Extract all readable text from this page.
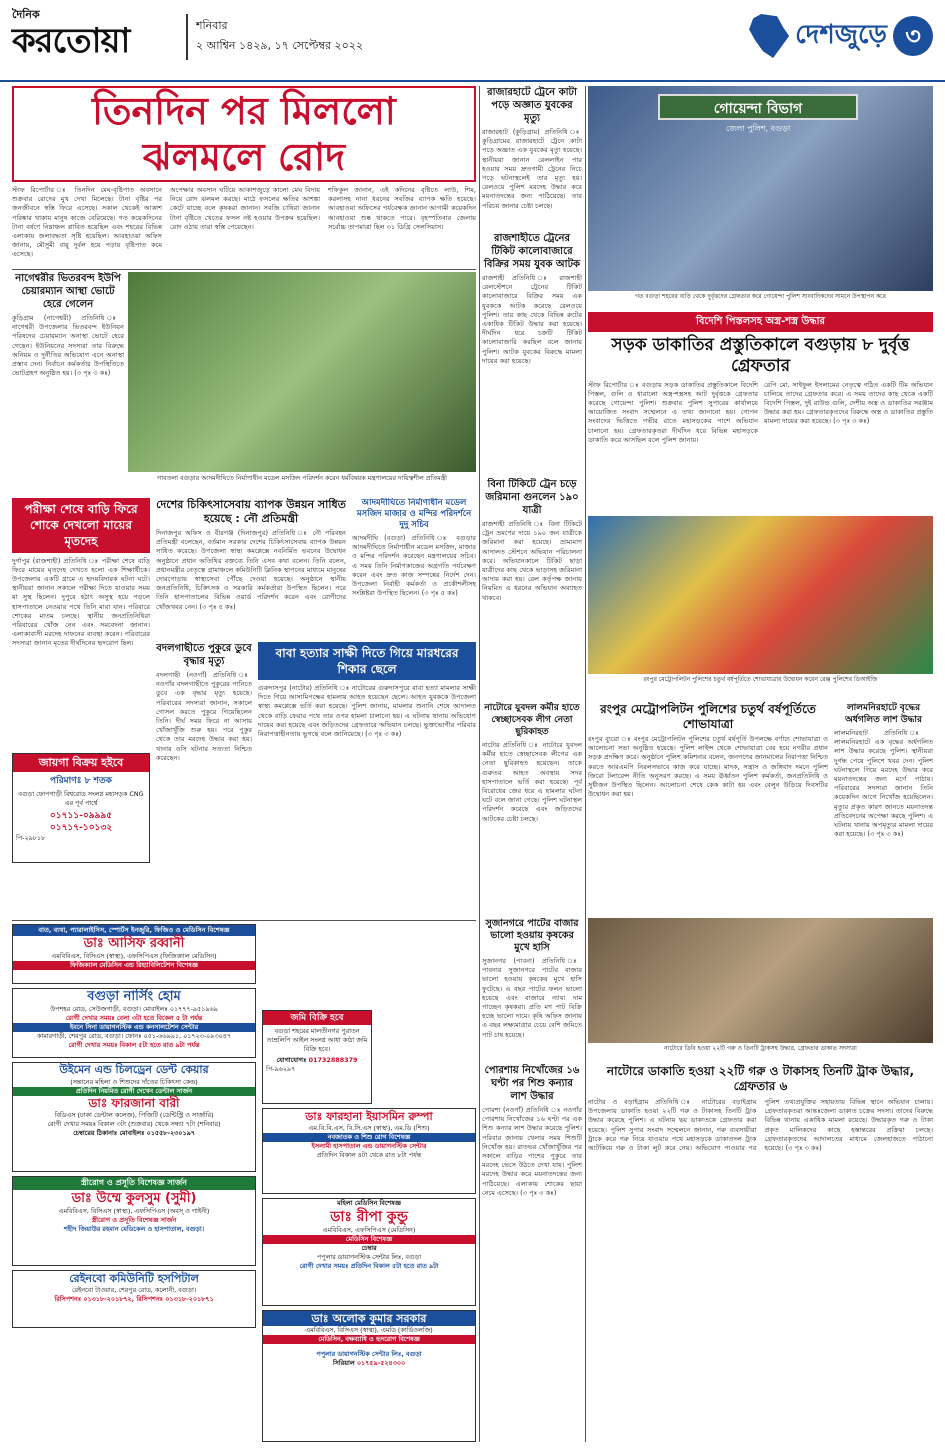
দৈনিক
করতোয়া	শনিবার
২ আশ্বিন ১৪২৯, ১৭ সেপ্টেম্বর ২০২২	দেশজুড়ে ৩
তিনদিন পর মিললো
ঝলমলে রোদ
স্টাফ রিপোর্টার ঃ তিনদিন মেঘ-বৃষ্টিপাত অবসানে শুক্রবার রোদের মুখ দেখা মিলেছে। টানা বৃষ্টির পর জনজীবনে স্বস্তি ফিরে এসেছে। সকাল থেকেই আকাশ পরিষ্কার থাকায় মানুষ কাজে বেরিয়েছে। গত কয়েকদিনের টানা বর্ষণে নিম্নাঞ্চল প্লাবিত হয়েছিল এবং শহরের বিভিন্ন এলাকায় জলাবদ্ধতা সৃষ্টি হয়েছিল। আবহাওয়া অফিস জানায়, মৌসুমী বায়ু দুর্বল হয়ে পড়ায় বৃষ্টিপাত কমে এসেছে।
অপেক্ষার অবসান ঘটিয়ে আকাশজুড়ে কালো মেঘ বিদায় নিয়ে রোদ ঝলমল করছে। মাঠে ফসলের ক্ষতির আশঙ্কা কেটে যাচ্ছে বলে কৃষকরা জানান। সবজি চাষিরা জানান টানা বৃষ্টিতে খেতের ফসল নষ্ট হওয়ার উপক্রম হয়েছিল। রোদ ওঠায় তারা স্বস্তি পেয়েছেন।
শফিকুল জানান, এই কদিনের বৃষ্টিতে লাউ, শিম, করলাসহ নানা ধরনের সবজির ব্যাপক ক্ষতি হয়েছে। আবহাওয়া অফিসের পর্যবেক্ষক জানান আগামী কয়েকদিন আবহাওয়া শুষ্ক থাকতে পারে। বৃহস্পতিবার জেলায় সর্বোচ্চ তাপমাত্রা ছিল ৩১ ডিগ্রি সেলসিয়াস।
নাগেশ্বরীর ভিতরবন্দ ইউপি চেয়ারম্যান আস্থা ভোটে হেরে গেলেন
কুড়িগ্রাম (নাগেশ্বরী) প্রতিনিধি ঃ নাগেশ্বরী উপজেলার ভিতরবন্দ ইউনিয়ন পরিষদের চেয়ারম্যান অনাস্থা ভোটে হেরে গেছেন। ইউনিয়নের সদস্যরা তার বিরুদ্ধে অনিয়ম ও দুর্নীতির অভিযোগ এনে অনাস্থা প্রস্তাব দেন। নির্বাচন কর্মকর্তার উপস্থিতিতে ভোটগ্রহণ অনুষ্ঠিত হয়। (৩ পৃঃ ৩ কঃ)
গাবতলা বগুড়ার আদমদীঘিতে নির্মাণাধীন মডেল মসজিদ পরিদর্শন করেন ধর্মবিষয়ক মন্ত্রণালয়ের দায়িত্বশীল প্রতিমন্ত্রী
পরীক্ষা শেষে বাড়ি ফিরে শোকে দেখলো মায়ের মৃতদেহ
দুর্গাপুর (রাজশাহী) প্রতিনিধি ঃ পরীক্ষা শেষে বাড়ি ফিরে মায়ের মৃতদেহ দেখতে হলো এক শিক্ষার্থীকে। উপজেলার একটি গ্রামে এ হৃদয়বিদারক ঘটনা ঘটে। স্থানীয়রা জানান সকালে পরীক্ষা দিতে যাওয়ার সময় মা সুস্থ ছিলেন। দুপুরে হঠাৎ অসুস্থ হয়ে পড়লে হাসপাতালে নেওয়ার পথে তিনি মারা যান। পরিবারে শোকের মাতম চলছে। স্থানীয় জনপ্রতিনিধিরা পরিবারের খোঁজ নেন এবং সমবেদনা জানান। এলাকাবাসী মরদেহ দাফনের ব্যবস্থা করেন। পরিবারের সদস্যরা জানান মৃতের দীর্ঘদিনের হৃদরোগ ছিল।
জায়গা বিক্রয় হইবে
পরিমাণঃ ৮ শতক
বগুড়া ফোপগাড়ী বিশ্বরোড সংলগ্ন মহাসড়ক CNG এর পূর্ব পার্শ্বে
০১৭১১-০৯৯৯৫
০১৭১৭-১০১৩২
পি-২৯৮১৮
দেশের চিকিৎসাসেবায় ব্যাপক উন্নয়ন সাধিত হয়েছে : নৌ প্রতিমন্ত্রী
দিনাজপুর অফিস ও বীরগঞ্জ (দিনাজপুর) প্রতিনিধি ঃ নৌ পরিবহন প্রতিমন্ত্রী বলেছেন, বর্তমান সরকার দেশের চিকিৎসাসেবায় ব্যাপক উন্নয়ন সাধিত করেছে। উপজেলা স্বাস্থ্য কমপ্লেক্সে নবনির্মিত ভবনের উদ্বোধন অনুষ্ঠানে প্রধান অতিথির বক্তব্যে তিনি এসব কথা বলেন। তিনি বলেন, প্রধানমন্ত্রীর নেতৃত্বে গ্রামাঞ্চলে কমিউনিটি ক্লিনিক স্থাপনের মাধ্যমে মানুষের দোরগোড়ায় স্বাস্থ্যসেবা পৌঁছে দেওয়া হয়েছে। অনুষ্ঠানে স্থানীয় জনপ্রতিনিধি, চিকিৎসক ও সরকারি কর্মকর্তারা উপস্থিত ছিলেন। পরে তিনি হাসপাতালের বিভিন্ন ওয়ার্ড পরিদর্শন করেন এবং রোগীদের খোঁজখবর নেন। (৩ পৃঃ ৫ কঃ)
আদমদীঘিতে নির্মাণাধীন মডেল মসজিদ মাজার ও মন্দির পরিদর্শনে দুদু সচিব
আদমদীঘি (বগুড়া) প্রতিনিধি ঃ বগুড়ার আদমদীঘিতে নির্মাণাধীন মডেল মসজিদ, মাজার ও মন্দির পরিদর্শন করেছেন মন্ত্রণালয়ের সচিব। এ সময় তিনি নির্মাণকাজের অগ্রগতি পর্যবেক্ষণ করেন এবং দ্রুত কাজ সম্পন্নের নির্দেশ দেন। উপজেলা নির্বাহী কর্মকর্তা ও প্রকৌশলীসহ সংশ্লিষ্টরা উপস্থিত ছিলেন। (৩ পৃঃ ৫ কঃ)
বদলগাছীতে পুকুরে ডুবে বৃদ্ধার মৃত্যু
বদলগাছী (নওগাঁ) প্রতিনিধি ঃ নওগাঁর বদলগাছীতে পুকুরের পানিতে ডুবে এক বৃদ্ধার মৃত্যু হয়েছে। পরিবারের সদস্যরা জানান, সকালে গোসল করতে পুকুরে গিয়েছিলেন তিনি। দীর্ঘ সময় ফিরে না আসায় খোঁজাখুঁজি শুরু হয়। পরে পুকুর থেকে তার মরদেহ উদ্ধার করা হয়। থানার ওসি ঘটনার সত্যতা নিশ্চিত করেছেন।
বাবা হত্যার সাক্ষী দিতে গিয়ে মারধরের শিকার ছেলে
গুরুদাসপুর (নাটোর) প্রতিনিধি ঃ নাটোরের গুরুদাসপুরে বাবা হত্যা মামলার সাক্ষী দিতে গিয়ে আসামিপক্ষের হামলায় আহত হয়েছেন ছেলে। আহত যুবককে উপজেলা স্বাস্থ্য কমপ্লেক্সে ভর্তি করা হয়েছে। পুলিশ জানায়, মামলার শুনানি শেষে আদালত থেকে বাড়ি ফেরার পথে তার ওপর হামলা চালানো হয়। এ ঘটনায় থানায় অভিযোগ দায়ের করা হয়েছে এবং জড়িতদের গ্রেফতারে অভিযান চলছে। ভুক্তভোগীর পরিবার নিরাপত্তাহীনতায় ভুগছে বলে জানিয়েছে। (৩ পৃঃ ৩ কঃ)
রাজারহাটে ট্রেনে কাটা পড়ে অজ্ঞাত যুবকের মৃত্যু
রাজারহাট (কুড়িগ্রাম) প্রতিনিধি ঃ কুড়িগ্রামের রাজারহাটে ট্রেনে কাটা পড়ে অজ্ঞাত এক যুবকের মৃত্যু হয়েছে। স্থানীয়রা জানান রেললাইন পার হওয়ার সময় দ্রুতগামী ট্রেনের নিচে পড়ে ঘটনাস্থলেই তার মৃত্যু হয়। রেলওয়ে পুলিশ মরদেহ উদ্ধার করে ময়নাতদন্তের জন্য পাঠিয়েছে। তার পরিচয় জানার চেষ্টা চলছে।
রাজশাহীতে ট্রেনের টিকিট কালোবাজারে বিক্রির সময় যুবক আটক
রাজশাহী প্রতিনিধি ঃ রাজশাহী রেলস্টেশনে ট্রেনের টিকিট কালোবাজারে বিক্রির সময় এক যুবককে আটক করেছে রেলওয়ে পুলিশ। তার কাছ থেকে বিভিন্ন রুটের একাধিক টিকিট উদ্ধার করা হয়েছে। দীর্ঘদিন ধরে চক্রটি টিকিট কালোবাজারি করছিল বলে জানায় পুলিশ। আটক যুবকের বিরুদ্ধে মামলা দায়ের করা হয়েছে।
বিনা টিকিটে ট্রেন চড়ে জরিমানা গুনলেন ১৯০ যাত্রী
রাজশাহী প্রতিনিধি ঃ বিনা টিকিটে ট্রেন ভ্রমণের দায়ে ১৯০ জন যাত্রীকে জরিমানা করা হয়েছে। ভ্রাম্যমাণ আদালত স্টেশনে অভিযান পরিচালনা করে। অভিযানকালে টিকিট ছাড়া যাত্রীদের কাছ থেকে ভাড়াসহ জরিমানা আদায় করা হয়। রেল কর্তৃপক্ষ জানায় নিয়মিত এ ধরনের অভিযান অব্যাহত থাকবে।
নাটোরে যুবদল কর্মীর হাতে স্বেচ্ছাসেবক লীগ নেতা ছুরিকাহত
নাটোর প্রতিনিধি ঃ নাটোরে যুবদল কর্মীর হাতে স্বেচ্ছাসেবক লীগের এক নেতা ছুরিকাহত হয়েছেন। তাকে গুরুতর আহত অবস্থায় সদর হাসপাতালে ভর্তি করা হয়েছে। পূর্ব বিরোধের জের ধরে এ হামলার ঘটনা ঘটে বলে জানা গেছে। পুলিশ ঘটনাস্থল পরিদর্শন করেছে এবং জড়িতদের আটকের চেষ্টা চলছে।
গোয়েন্দা বিভাগ
জেলা পুলিশ, বগুড়া
গত বগুড়া শহরের বাড়ি থেকে দুর্বৃত্তদের গ্রেফতার করে গোয়েন্দা পুলিশ সাংবাদিকদের সামনে উপস্থাপন করে
বিদেশি পিস্তলসহ অস্ত্র-শস্ত্র উদ্ধার
সড়ক ডাকাতির প্রস্তুতিকালে বগুড়ায় ৮ দুর্বৃত্ত গ্রেফতার
স্টাফ রিপোর্টার ঃ বগুড়ায় সড়ক ডাকাতির প্রস্তুতিকালে বিদেশি পিস্তল, গুলি ও ধারালো অস্ত্র-শস্ত্রসহ আট দুর্বৃত্তকে গ্রেফতার করেছে গোয়েন্দা পুলিশ। শুক্রবার পুলিশ সুপারের কার্যালয়ে আয়োজিত সংবাদ সম্মেলনে এ তথ্য জানানো হয়। গোপন সংবাদের ভিত্তিতে গভীর রাতে মহাসড়কের পাশে অভিযান চালানো হয়। গ্রেফতারকৃতরা দীর্ঘদিন ধরে বিভিন্ন মহাসড়কে ডাকাতি করে আসছিল বলে পুলিশ জানায়।
রেপি মো. সাইফুল ইসলামের নেতৃত্বে গঠিত একটি টিম অভিযান চালিয়ে তাদের গ্রেফতার করে। এ সময় তাদের কাছ থেকে একটি বিদেশি পিস্তল, দুই রাউন্ড গুলি, দেশীয় অস্ত্র ও ডাকাতির সরঞ্জাম উদ্ধার করা হয়। গ্রেফতারকৃতদের বিরুদ্ধে অস্ত্র ও ডাকাতির প্রস্তুতি মামলা দায়ের করা হয়েছে। (৩ পৃঃ ৩ কঃ)
রংপুর মেট্রোপলিটন পুলিশের চতুর্থ বর্ষপূর্তিতে শোভাযাত্রার উদ্বোধন করেন রেঞ্জ পুলিশের ডিআইজি
রংপুর মেট্রোপলিটন পুলিশের চতুর্থ বর্ষপূর্তিতে শোভাযাত্রা
রংপুর ব্যুরো ঃ রংপুর মেট্রোপলিটন পুলিশের চতুর্থ বর্ষপূর্তি উপলক্ষে বর্ণাঢ্য শোভাযাত্রা ও আলোচনা সভা অনুষ্ঠিত হয়েছে। পুলিশ লাইন্স থেকে শোভাযাত্রা বের হয়ে নগরীর প্রধান সড়ক প্রদক্ষিণ করে। অনুষ্ঠানে পুলিশ কমিশনার বলেন, জনগণের জানমালের নিরাপত্তা নিশ্চিত করতে আরএমপি নিরলসভাবে কাজ করে যাচ্ছে। মাদক, সন্ত্রাস ও জঙ্গিবাদ দমনে পুলিশ জিরো টলারেন্স নীতি অনুসরণ করছে। এ সময় ঊর্ধ্বতন পুলিশ কর্মকর্তা, জনপ্রতিনিধি ও সুধীজন উপস্থিত ছিলেন। আলোচনা শেষে কেক কাটা হয় এবং বেলুন উড়িয়ে দিবসটির উদ্বোধন করা হয়।
লালমনিরহাটে বৃদ্ধের অর্ধগলিত লাশ উদ্ধার
লালমনিরহাট প্রতিনিধি ঃ লালমনিরহাটে এক বৃদ্ধের অর্ধগলিত লাশ উদ্ধার করেছে পুলিশ। স্থানীয়রা দুর্গন্ধ পেয়ে পুলিশে খবর দেন। পুলিশ ঘটনাস্থলে গিয়ে মরদেহ উদ্ধার করে ময়নাতদন্তের জন্য মর্গে পাঠায়। পরিবারের সদস্যরা জানান তিনি কয়েকদিন আগে নিখোঁজ হয়েছিলেন। মৃত্যুর প্রকৃত কারণ জানতে ময়নাতদন্ত প্রতিবেদনের অপেক্ষা করছে পুলিশ। এ ঘটনায় থানায় অপমৃত্যুর মামলা দায়ের করা হয়েছে। (৩ পৃঃ ৩ কঃ)
নাটোরে ডিবি হওয়া ২২টি গরু ও তিনটি ট্রাকসহ উদ্ধার, গ্রেফতার ডাকাত সদস্যরা
নাটোরে ডাকাতি হওয়া ২২টি গরু ও টাকাসহ তিনটি ট্রাক উদ্ধার, গ্রেফতার ৬
নাটোর ও বড়াইগ্রাম প্রতিনিধি ঃ নাটোরের বড়াইগ্রাম উপজেলায় ডাকাতি হওয়া ২২টি গরু ও টাকাসহ তিনটি ট্রাক উদ্ধার করেছে পুলিশ। এ ঘটনায় ছয় ডাকাতকে গ্রেফতার করা হয়েছে। পুলিশ সুপার সংবাদ সম্মেলনে জানান, গরু ব্যবসায়ীরা ট্রাকে করে গরু নিয়ে যাওয়ার পথে মহাসড়কে ডাকাতদল ট্রাক আটকিয়ে গরু ও টাকা লুট করে নেয়। অভিযোগ পাওয়ার পর পুলিশ তথ্যপ্রযুক্তির সহায়তায় বিভিন্ন স্থানে অভিযান চালায়। গ্রেফতারকৃতরা আন্তঃজেলা ডাকাত চক্রের সদস্য। তাদের বিরুদ্ধে বিভিন্ন থানায় একাধিক মামলা রয়েছে। উদ্ধারকৃত গরু ও টাকা প্রকৃত মালিকদের কাছে হস্তান্তরের প্রক্রিয়া চলছে। গ্রেফতারকৃতদের আদালতের মাধ্যমে জেলহাজতে পাঠানো হয়েছে। (৩ পৃঃ ৩ কঃ)
সুজানগরে পাটের বাজার ভালো হওয়ায় কৃষকের মুখে হাসি
সুজানগর (পাবনা) প্রতিনিধি ঃ পাবনার সুজানগরে পাটের বাজার ভালো হওয়ায় কৃষকের মুখে হাসি ফুটেছে। এ বছর পাটের ফলন ভালো হয়েছে এবং বাজারে ন্যায্য দাম পাচ্ছেন কৃষকরা। প্রতি মণ পাট বিক্রি হচ্ছে ভালো দামে। কৃষি অফিস জানায় এ বছর লক্ষ্যমাত্রার চেয়ে বেশি জমিতে পাট চাষ হয়েছে।
পোরশায় নিখোঁজের ১৬ ঘণ্টা পর শিশু কন্যার লাশ উদ্ধার
পোরশা (নওগাঁ) প্রতিনিধি ঃ নওগাঁর পোরশায় নিখোঁজের ১৬ ঘণ্টা পর এক শিশু কন্যার লাশ উদ্ধার করেছে পুলিশ। পরিবার জানায় খেলার সময় শিশুটি নিখোঁজ হয়। রাতভর খোঁজাখুঁজির পর সকালে বাড়ির পাশের পুকুরে তার মরদেহ ভেসে উঠতে দেখা যায়। পুলিশ মরদেহ উদ্ধার করে ময়নাতদন্তের জন্য পাঠিয়েছে। এলাকায় শোকের ছায়া নেমে এসেছে। (৩ পৃঃ ৩ কঃ)
বাত, ব্যথা, প্যারালাইসিস, স্পোর্টস ইনজুরি, ফিজিও ও মেডিসিন বিশেষজ্ঞ
ডাঃ আসিফ রব্বানী
এমবিবিএস, বিসিএস (স্বাস্থ্য), এফসিপিএস (ফিজিক্যাল মেডিসিন)
ফিজিক্যাল মেডিসিন এন্ড রিহ্যাবিলিটেশন বিশেষজ্ঞ
বগুড়া নার্সিং হোম
উপশহর রোড, সেউজগাড়ী, বগুড়া। মোবাইলঃ ০১৭৭৭-৯৫১৯৬৯
রোগী দেখার সময়ঃ বেলা ৩টা হতে বিকেল ৫ টা পর্যন্ত
ইবনে সিনা ডায়াগনস্টিক এন্ড কনসালটেশন সেন্টার
কামারগাড়ী, শেরপুর রোড, বগুড়া। ফোনঃ ০৫১-৬৬৯৯১, ০১৭২৩-০৯৩০৪৭
রোগী দেখার সময়ঃ বিকাল ৫টা হতে রাত ৯টা পর্যন্ত
উইমেন এন্ড চিলড্রেন ডেন্ট কেয়ার
(সন্তানের মহিলা ও শিশুদের দাঁতের চিকিৎসা কেন্দ্র)
প্রতিদিন নিয়মিত রোগী দেখেন ডেন্টাল সার্জন
ডাঃ ফারজানা বারী
বিডিএস (ঢাকা ডেন্টাল কলেজ), পিজিটি (ডেন্টিস্ট্রি ও সার্জারি)
রোগী দেখার সময়ঃ বিকাল ৩টা (শুক্রবার) থেকে সন্ধ্যা ৭টা (শনিবার)
চেম্বারের ঠিকানাঃ মোবাইলঃ ০১৫৫৮-২৩০১৯৭
স্ত্রীরোগ ও প্রসূতি বিশেষজ্ঞ সার্জন
ডাঃ উম্মে কুলসুম (সুমী)
এমবিবিএস, বিসিএস (স্বাস্থ্য), এফসিপিএস (অবস্ ও গাইনী)
স্ত্রীরোগ ও প্রসূতি বিশেষজ্ঞ সার্জন
শহীদ জিয়াউর রহমান মেডিকেল ও হাসপাতাল, বগুড়া।
রেইনবো কমিউনিটি হসপিটাল
রেইনবো টাওয়ার, শেরপুর রোড, কলোনী, বগুড়া।
রিসিপশনঃ ০১৩১৮-২০১৮৭২, রিসিপশনঃ ০১৩১৮-২০১৮৭১
জমি বিক্রি হবে
বগুড়া শহরের মালতীনগর পুরাতন তাম্রলিপি আইল সংলগ্ন আধা কাঠা জমি বিক্রি হবে।
যোগাযোগঃ 01732888379
পি-৯৬২৯৭
ডাঃ ফারহানা ইয়াসমিন রুম্পা
এম.বি.বি.এস, বি.সি.এস (স্বাস্থ্য), এম.ডি (শিশু)
নবজাতক ও শিশু রোগ বিশেষজ্ঞ
ইসলামী হাসপাতাল এন্ড ডায়াগনস্টিক সেন্টার
প্রতিদিন বিকাল ৪টা থেকে রাত ৮টা পর্যন্ত
মহিলা মেডিসিন বিশেষজ্ঞ
ডাঃ রীপা কুন্ডু
এমবিবিএস, এফসিপিএস (মেডিসিন)
মেডিসিন বিশেষজ্ঞ
চেম্বার
পপুলার ডায়াগনস্টিক সেন্টার লিঃ, বগুড়া
রোগী দেখার সময়ঃ প্রতিদিন বিকাল ৫টা হতে রাত ৯টা
ডাঃ অলোক কুমার সরকার
এমবিবিএস, বিসিএস (স্বাস্থ্য), এমডি (কার্ডিওলজি)
মেডিসিন, বক্ষব্যাধি ও হৃদরোগ বিশেষজ্ঞ
পপুলার ডায়াগনস্টিক সেন্টার লিঃ, বগুড়া
সিরিয়াল ০১৭৫৯-৫২৪৩০০
